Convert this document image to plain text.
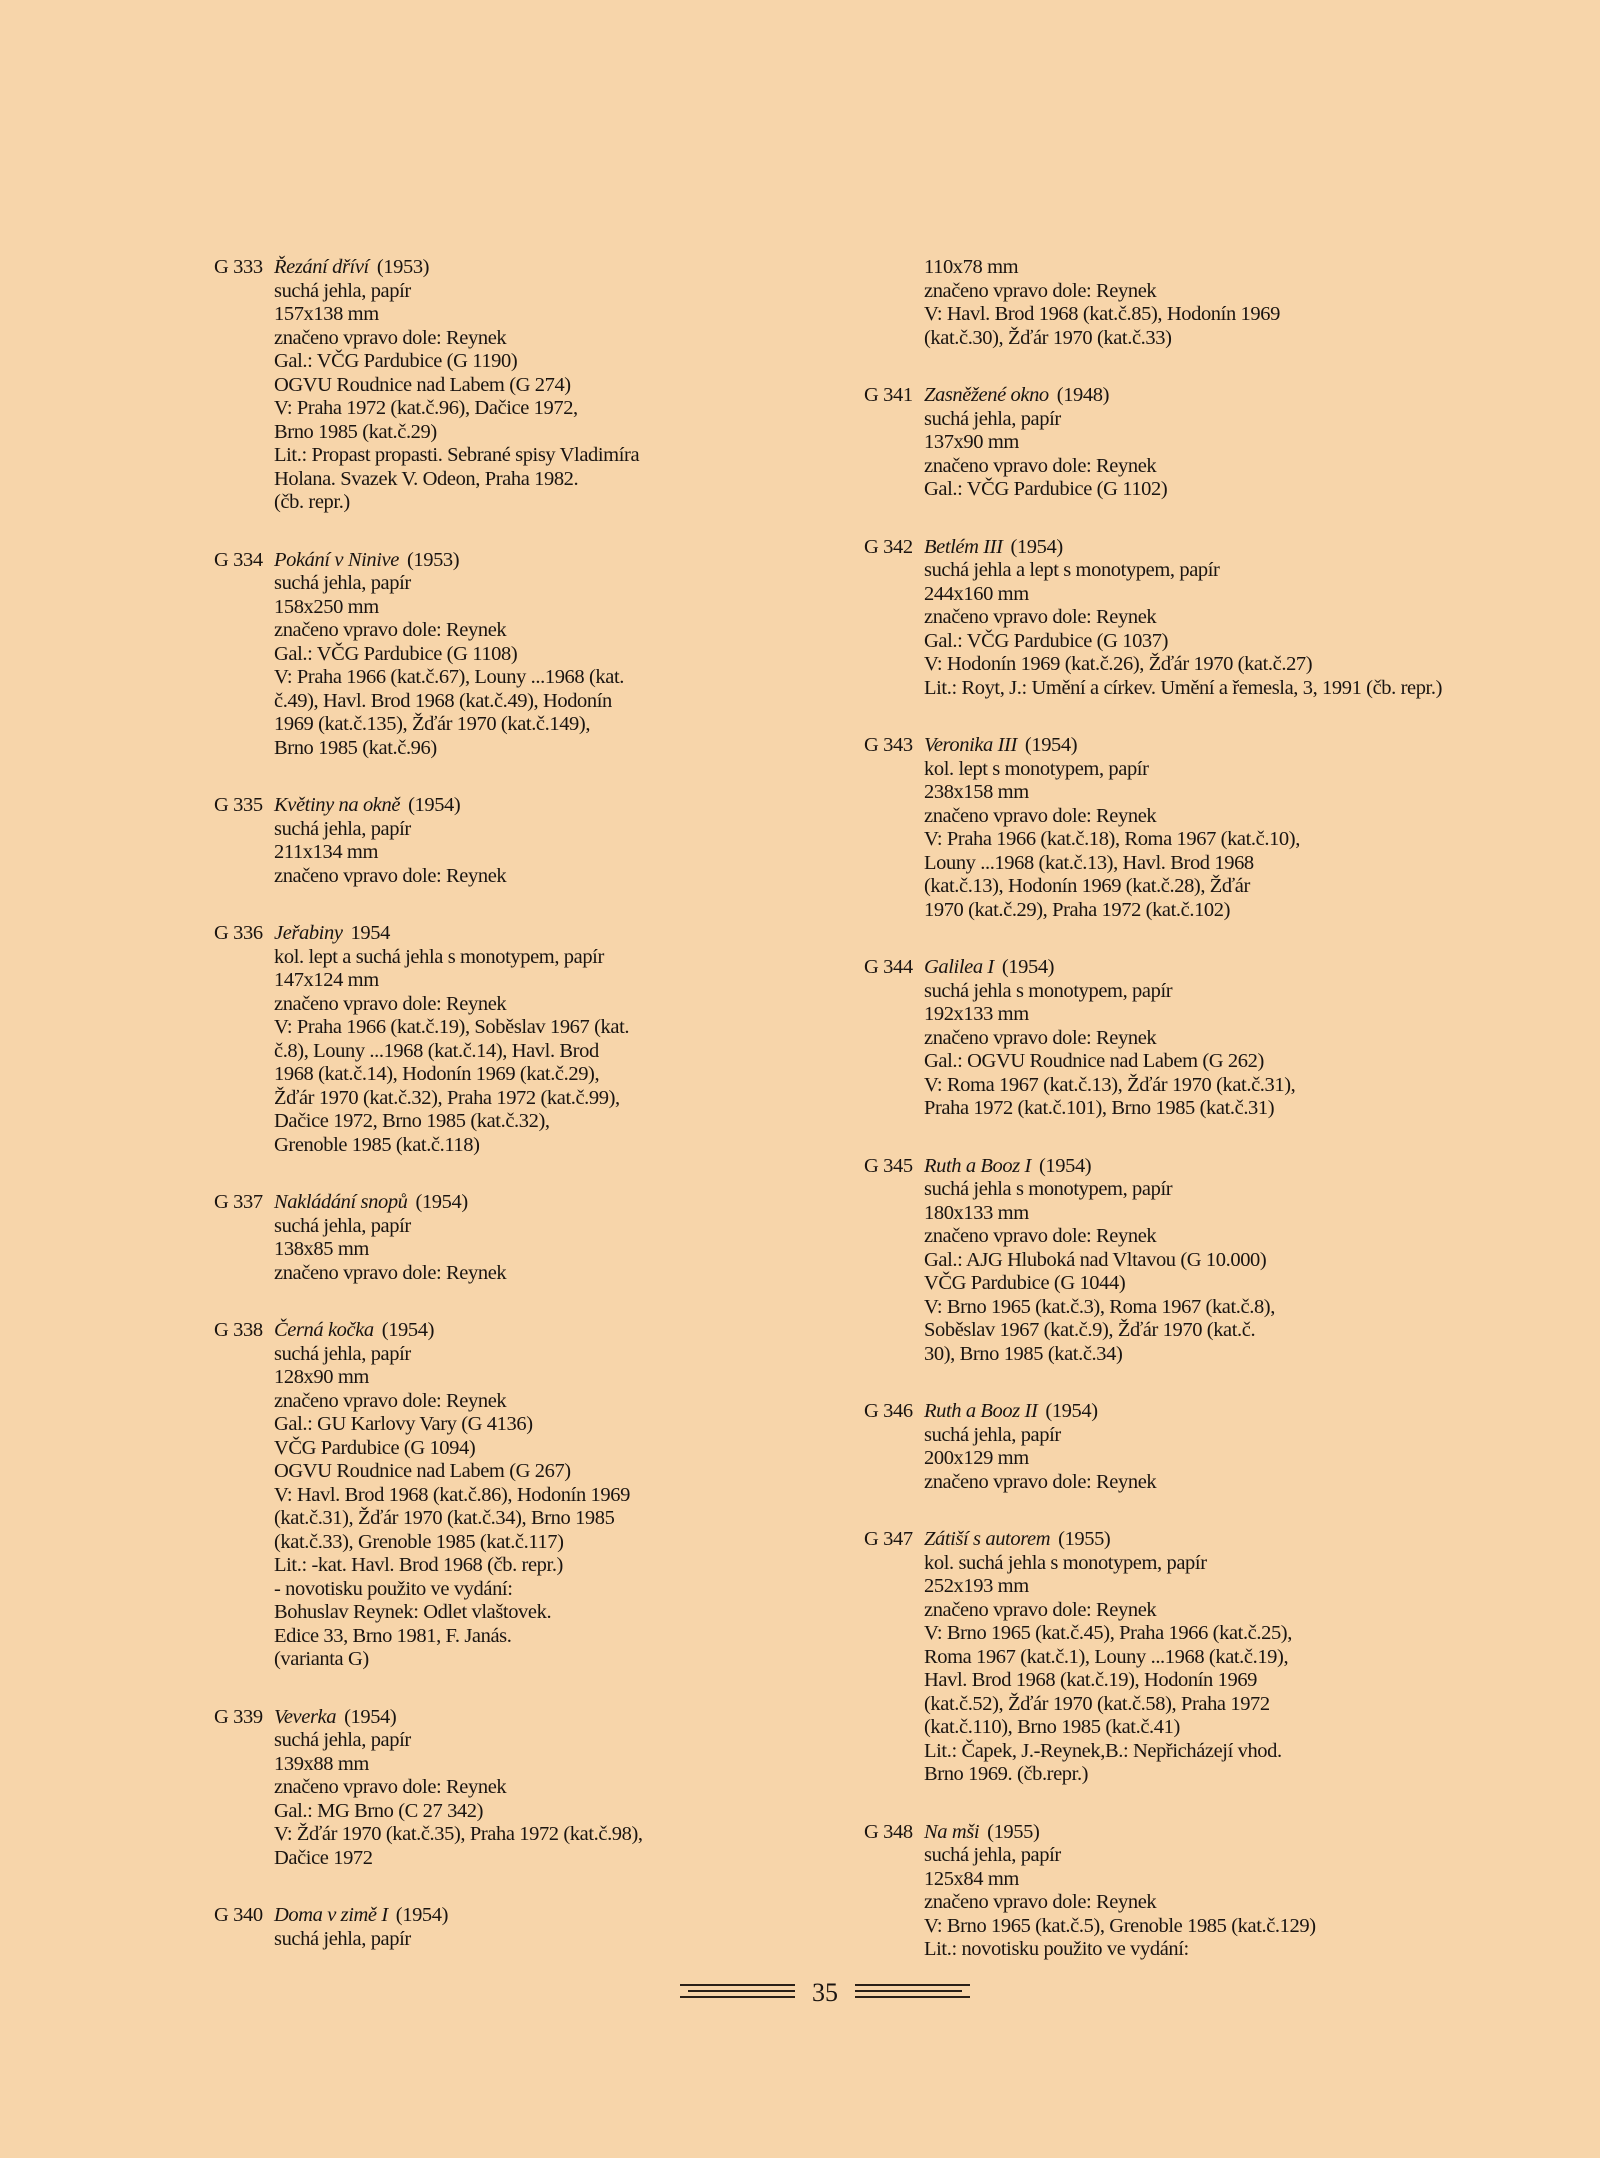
G 333 Řezání dříví (1953)
suchá jehla, papír
157x138 mm
značeno vpravo dole: Reynek
Gal.: VČG Pardubice (G 1190)
OGVU Roudnice nad Labem (G 274)
V: Praha 1972 (kat.č.96), Dačice 1972,
Brno 1985 (kat.č.29)
Lit.: Propast propasti. Sebrané spisy Vladimíra
Holana. Svazek V. Odeon, Praha 1982.
(čb. repr.)
G 334 Pokání v Ninive (1953)
suchá jehla, papír
158x250 mm
značeno vpravo dole: Reynek
Gal.: VČG Pardubice (G 1108)
V: Praha 1966 (kat.č.67), Louny ...1968 (kat.
č.49), Havl. Brod 1968 (kat.č.49), Hodonín
1969 (kat.č.135), Žďár 1970 (kat.č.149),
Brno 1985 (kat.č.96)
G 335 Květiny na okně (1954)
suchá jehla, papír
211x134 mm
značeno vpravo dole: Reynek
G 336 Jeřabiny 1954
kol. lept a suchá jehla s monotypem, papír
147x124 mm
značeno vpravo dole: Reynek
V: Praha 1966 (kat.č.19), Soběslav 1967 (kat.
č.8), Louny ...1968 (kat.č.14), Havl. Brod
1968 (kat.č.14), Hodonín 1969 (kat.č.29),
Žďár 1970 (kat.č.32), Praha 1972 (kat.č.99),
Dačice 1972, Brno 1985 (kat.č.32),
Grenoble 1985 (kat.č.118)
G 337 Nakládání snopů (1954)
suchá jehla, papír
138x85 mm
značeno vpravo dole: Reynek
G 338 Černá kočka (1954)
suchá jehla, papír
128x90 mm
značeno vpravo dole: Reynek
Gal.: GU Karlovy Vary (G 4136)
VČG Pardubice (G 1094)
OGVU Roudnice nad Labem (G 267)
V: Havl. Brod 1968 (kat.č.86), Hodonín 1969
(kat.č.31), Žďár 1970 (kat.č.34), Brno 1985
(kat.č.33), Grenoble 1985 (kat.č.117)
Lit.: -kat. Havl. Brod 1968 (čb. repr.)
- novotisku použito ve vydání:
Bohuslav Reynek: Odlet vlaštovek.
Edice 33, Brno 1981, F. Janás.
(varianta G)
G 339 Veverka (1954)
suchá jehla, papír
139x88 mm
značeno vpravo dole: Reynek
Gal.: MG Brno (C 27 342)
V: Žďár 1970 (kat.č.35), Praha 1972 (kat.č.98),
Dačice 1972
G 340 Doma v zimě I (1954)
suchá jehla, papír
110x78 mm
značeno vpravo dole: Reynek
V: Havl. Brod 1968 (kat.č.85), Hodonín 1969
(kat.č.30), Žďár 1970 (kat.č.33)
G 341 Zasněžené okno (1948)
suchá jehla, papír
137x90 mm
značeno vpravo dole: Reynek
Gal.: VČG Pardubice (G 1102)
G 342 Betlém III (1954)
suchá jehla a lept s monotypem, papír
244x160 mm
značeno vpravo dole: Reynek
Gal.: VČG Pardubice (G 1037)
V: Hodonín 1969 (kat.č.26), Žďár 1970 (kat.č.27)
Lit.: Royt, J.: Umění a církev. Umění a řemesla, 3, 1991 (čb. repr.)
G 343 Veronika III (1954)
kol. lept s monotypem, papír
238x158 mm
značeno vpravo dole: Reynek
V: Praha 1966 (kat.č.18), Roma 1967 (kat.č.10),
Louny ...1968 (kat.č.13), Havl. Brod 1968
(kat.č.13), Hodonín 1969 (kat.č.28), Žďár
1970 (kat.č.29), Praha 1972 (kat.č.102)
G 344 Galilea I (1954)
suchá jehla s monotypem, papír
192x133 mm
značeno vpravo dole: Reynek
Gal.: OGVU Roudnice nad Labem (G 262)
V: Roma 1967 (kat.č.13), Žďár 1970 (kat.č.31),
Praha 1972 (kat.č.101), Brno 1985 (kat.č.31)
G 345 Ruth a Booz I (1954)
suchá jehla s monotypem, papír
180x133 mm
značeno vpravo dole: Reynek
Gal.: AJG Hluboká nad Vltavou (G 10.000)
VČG Pardubice (G 1044)
V: Brno 1965 (kat.č.3), Roma 1967 (kat.č.8),
Soběslav 1967 (kat.č.9), Žďár 1970 (kat.č.
30), Brno 1985 (kat.č.34)
G 346 Ruth a Booz II (1954)
suchá jehla, papír
200x129 mm
značeno vpravo dole: Reynek
G 347 Zátiší s autorem (1955)
kol. suchá jehla s monotypem, papír
252x193 mm
značeno vpravo dole: Reynek
V: Brno 1965 (kat.č.45), Praha 1966 (kat.č.25),
Roma 1967 (kat.č.1), Louny ...1968 (kat.č.19),
Havl. Brod 1968 (kat.č.19), Hodonín 1969
(kat.č.52), Žďár 1970 (kat.č.58), Praha 1972
(kat.č.110), Brno 1985 (kat.č.41)
Lit.: Čapek, J.-Reynek,B.: Nepřicházejí vhod.
Brno 1969. (čb.repr.)
G 348 Na mši (1955)
suchá jehla, papír
125x84 mm
značeno vpravo dole: Reynek
V: Brno 1965 (kat.č.5), Grenoble 1985 (kat.č.129)
Lit.: novotisku použito ve vydání:
35
